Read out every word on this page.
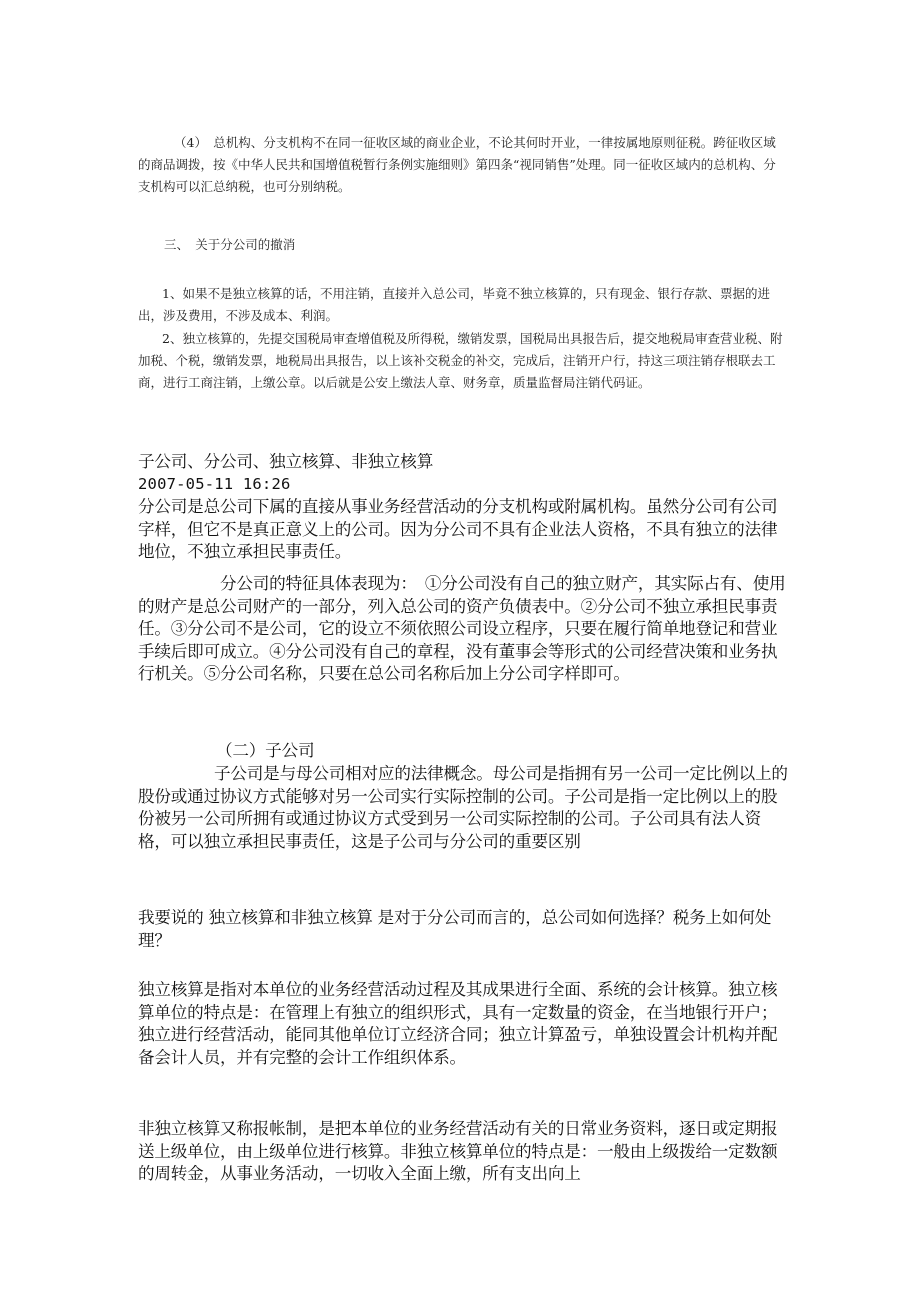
（4）　总机构、分支机构不在同一征收区域的商业企业，不论其何时开业，一律按属地原则征税。跨征收区域的商品调拨，按《中华人民共和国增值税暂行条例实施细则》第四条“视同销售”处理。同一征收区域内的总机构、分支机构可以汇总纳税，也可分别纳税。

三、　关于分公司的撤消

1、如果不是独立核算的话，不用注销，直接并入总公司，毕竟不独立核算的，只有现金、银行存款、票据的进出，涉及费用，不涉及成本、利润。

2、独立核算的，先提交国税局审查增值税及所得税，缴销发票，国税局出具报告后，提交地税局审查营业税、附加税、个税，缴销发票，地税局出具报告，以上该补交税金的补交，完成后，注销开户行，持这三项注销存根联去工商，进行工商注销，上缴公章。以后就是公安上缴法人章、财务章，质量监督局注销代码证。

子公司、分公司、独立核算、非独立核算

2007-05-11 16:26

分公司是总公司下属的直接从事业务经营活动的分支机构或附属机构。虽然分公司有公司字样，但它不是真正意义上的公司。因为分公司不具有企业法人资格，不具有独立的法律地位，不独立承担民事责任。

分公司的特征具体表现为：　①分公司没有自己的独立财产，其实际占有、使用的财产是总公司财产的一部分，列入总公司的资产负债表中。②分公司不独立承担民事责任。③分公司不是公司，它的设立不须依照公司设立程序，只要在履行简单地登记和营业手续后即可成立。④分公司没有自己的章程，没有董事会等形式的公司经营决策和业务执行机关。⑤分公司名称，只要在总公司名称后加上分公司字样即可。

（二）子公司

子公司是与母公司相对应的法律概念。母公司是指拥有另一公司一定比例以上的股份或通过协议方式能够对另一公司实行实际控制的公司。子公司是指一定比例以上的股份被另一公司所拥有或通过协议方式受到另一公司实际控制的公司。子公司具有法人资格，可以独立承担民事责任，这是子公司与分公司的重要区别

我要说的 独立核算和非独立核算 是对于分公司而言的，总公司如何选择？税务上如何处理？

独立核算是指对本单位的业务经营活动过程及其成果进行全面、系统的会计核算。独立核算单位的特点是：在管理上有独立的组织形式，具有一定数量的资金，在当地银行开户；独立进行经营活动，能同其他单位订立经济合同；独立计算盈亏，单独设置会计机构并配备会计人员，并有完整的会计工作组织体系。

非独立核算又称报帐制，是把本单位的业务经营活动有关的日常业务资料，逐日或定期报送上级单位，由上级单位进行核算。非独立核算单位的特点是：一般由上级拨给一定数额的周转金，从事业务活动，一切收入全面上缴，所有支出向上
